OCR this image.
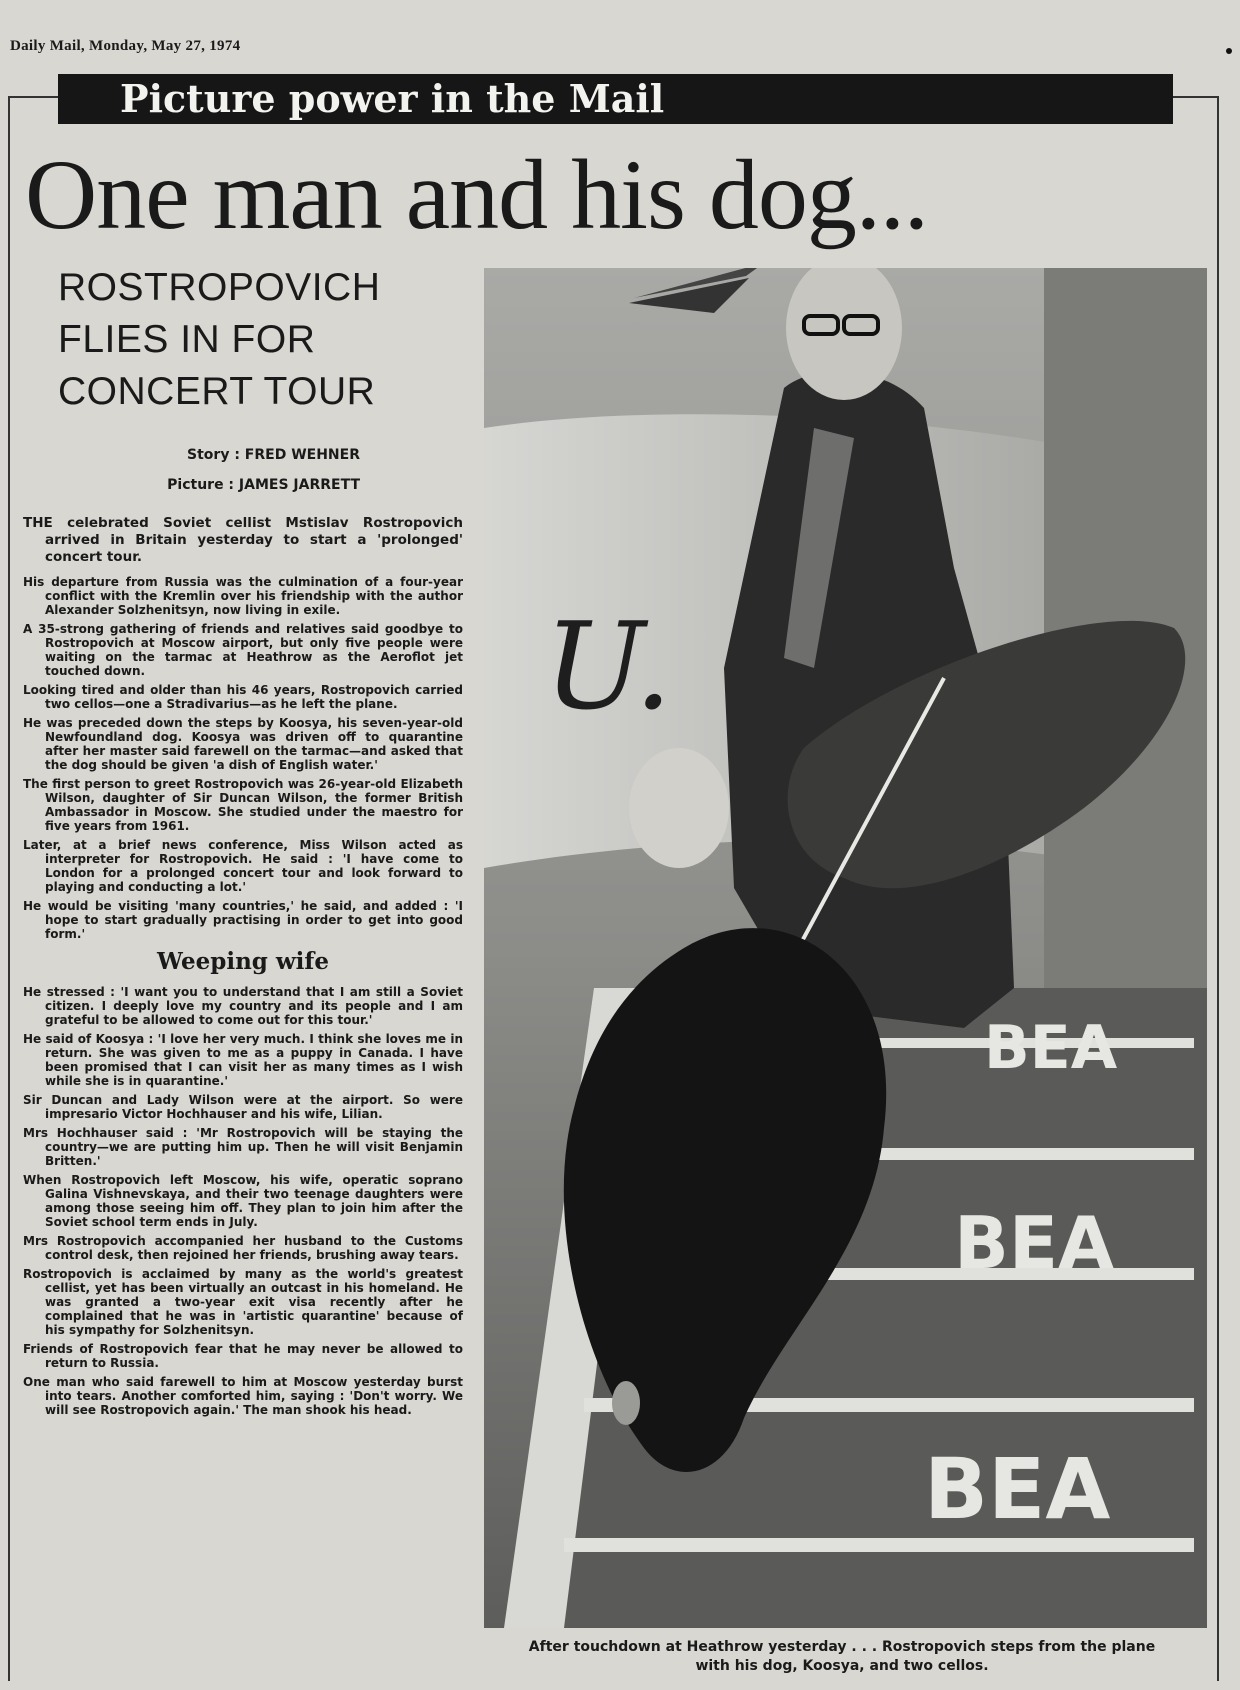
Daily Mail, Monday, May 27, 1974
Picture power in the Mail
One man and his dog...
ROSTROPOVICH
FLIES IN FOR
CONCERT TOUR
Story : FRED WEHNER
Picture : JAMES JARRETT

THE celebrated Soviet cellist Mstislav Rostropovich arrived in Britain yesterday to start a 'prolonged' concert tour.

His departure from Russia was the culmination of a four-year conflict with the Kremlin over his friendship with the author Alexander Solzhenitsyn, now living in exile.

A 35-strong gathering of friends and relatives said goodbye to Rostropovich at Moscow airport, but only five people were waiting on the tarmac at Heathrow as the Aeroflot jet touched down.

Looking tired and older than his 46 years, Rostropovich carried two cellos—one a Stradivarius—as he left the plane.

He was preceded down the steps by Koosya, his seven-year-old Newfoundland dog. Koosya was driven off to quarantine after her master said farewell on the tarmac—and asked that the dog should be given 'a dish of English water.'

The first person to greet Rostropovich was 26-year-old Elizabeth Wilson, daughter of Sir Duncan Wilson, the former British Ambassador in Moscow. She studied under the maestro for five years from 1961.

Later, at a brief news conference, Miss Wilson acted as interpreter for Rostropovich. He said : 'I have come to London for a prolonged concert tour and look forward to playing and conducting a lot.'

He would be visiting 'many countries,' he said, and added : 'I hope to start gradually practising in order to get into good form.'

Weeping wife

He stressed : 'I want you to understand that I am still a Soviet citizen. I deeply love my country and its people and I am grateful to be allowed to come out for this tour.'

He said of Koosya : 'I love her very much. I think she loves me in return. She was given to me as a puppy in Canada. I have been promised that I can visit her as many times as I wish while she is in quarantine.'

Sir Duncan and Lady Wilson were at the airport. So were impresario Victor Hochhauser and his wife, Lilian.

Mrs Hochhauser said : 'Mr Rostropovich will be staying the country—we are putting him up. Then he will visit Benjamin Britten.'

When Rostropovich left Moscow, his wife, operatic soprano Galina Vishnevskaya, and their two teenage daughters were among those seeing him off. They plan to join him after the Soviet school term ends in July.

Mrs Rostropovich accompanied her husband to the Customs control desk, then rejoined her friends, brushing away tears.

Rostropovich is acclaimed by many as the world's greatest cellist, yet has been virtually an outcast in his homeland. He was granted a two-year exit visa recently after he complained that he was in 'artistic quarantine' because of his sympathy for Solzhenitsyn.

Friends of Rostropovich fear that he may never be allowed to return to Russia.

One man who said farewell to him at Moscow yesterday burst into tears. Another comforted him, saying : 'Don't worry. We will see Rostropovich again.' The man shook his head.

U.
BEA
BEA
BEA
After touchdown at Heathrow yesterday . . . Rostropovich steps from the plane
with his dog, Koosya, and two cellos.
